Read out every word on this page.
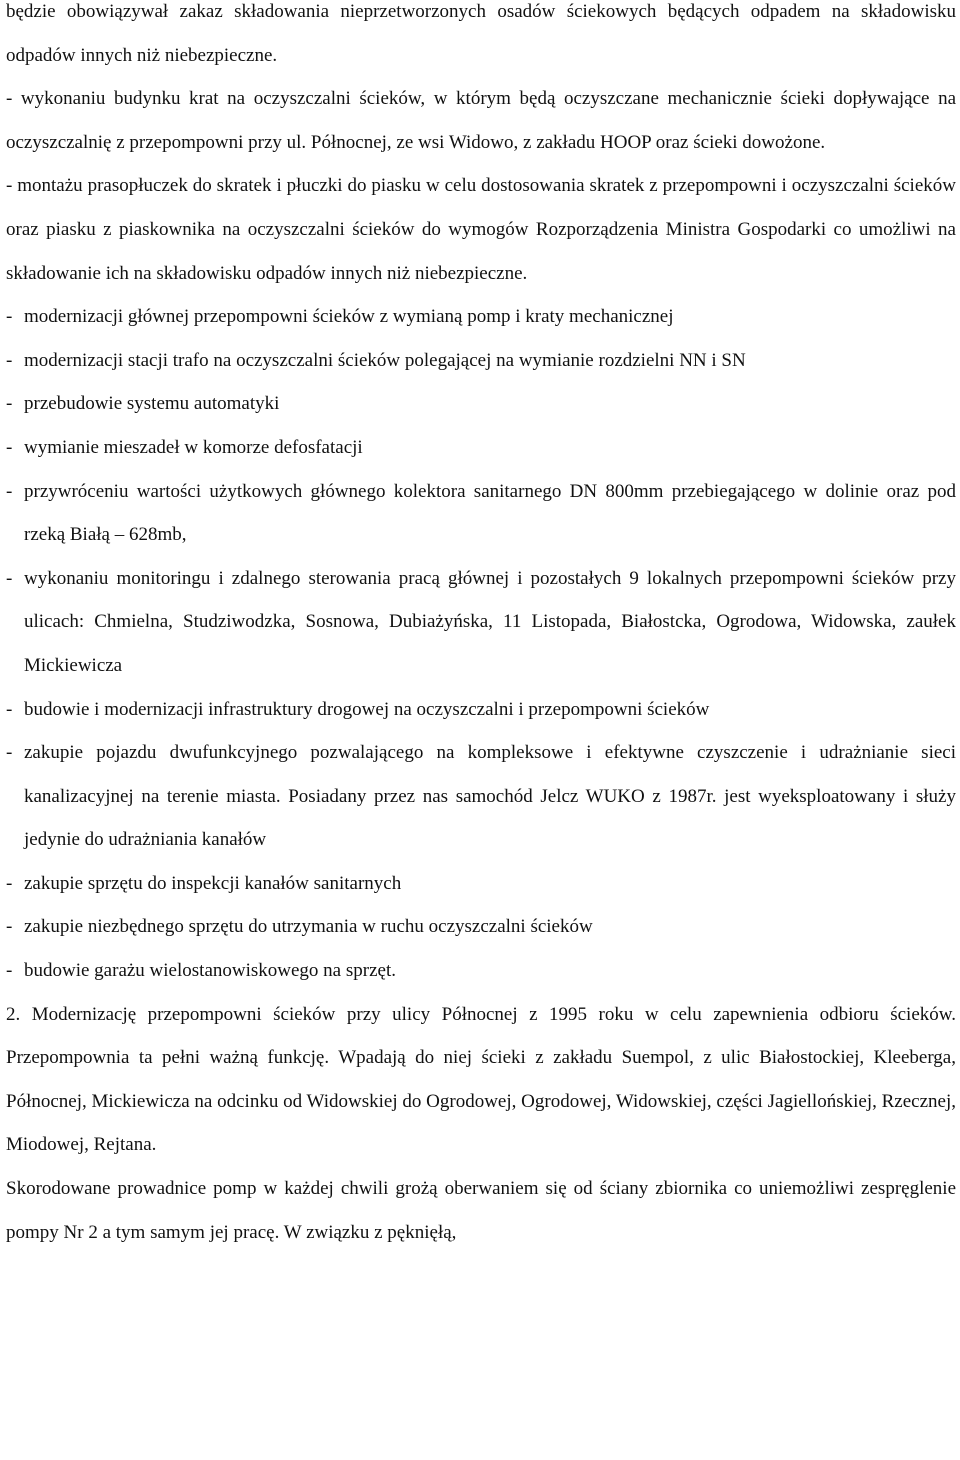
będzie obowiązywał zakaz składowania nieprzetworzonych osadów ściekowych będących odpadem na składowisku odpadów innych niż niebezpieczne.

- wykonaniu budynku krat na oczyszczalni ścieków, w którym będą oczyszczane mechanicznie ścieki dopływające na oczyszczalnię z przepompowni przy ul. Północnej, ze wsi Widowo, z zakładu HOOP oraz ścieki dowożone.

- montażu prasopłuczek do skratek i płuczki do piasku w celu dostosowania skratek z przepompowni i oczyszczalni ścieków oraz piasku z piaskownika na oczyszczalni ścieków do wymogów Rozporządzenia Ministra Gospodarki co umożliwi na składowanie ich na składowisku odpadów innych niż niebezpieczne.

- modernizacji głównej przepompowni ścieków z wymianą pomp i kraty mechanicznej

- modernizacji stacji trafo na oczyszczalni ścieków polegającej na wymianie rozdzielni NN i SN

- przebudowie systemu automatyki

- wymianie mieszadeł w komorze defosfatacji

- przywróceniu wartości użytkowych głównego kolektora sanitarnego DN 800mm przebiegającego w dolinie oraz pod rzeką Białą – 628mb,

- wykonaniu monitoringu i zdalnego sterowania pracą głównej i pozostałych 9 lokalnych przepompowni ścieków przy ulicach: Chmielna, Studziwodzka, Sosnowa, Dubiażyńska, 11 Listopada, Białostcka, Ogrodowa, Widowska, zaułek Mickiewicza

- budowie i modernizacji infrastruktury drogowej na oczyszczalni i przepompowni ścieków

- zakupie pojazdu dwufunkcyjnego pozwalającego na kompleksowe i efektywne czyszczenie i udrażnianie sieci kanalizacyjnej na terenie miasta. Posiadany przez nas samochód Jelcz WUKO z 1987r. jest wyeksploatowany i służy jedynie do udrażniania kanałów

- zakupie sprzętu do inspekcji kanałów sanitarnych

- zakupie niezbędnego sprzętu do utrzymania w ruchu oczyszczalni ścieków

- budowie garażu wielostanowiskowego na sprzęt.

2. Modernizację przepompowni ścieków przy ulicy Północnej z 1995 roku w celu zapewnienia odbioru ścieków. Przepompownia ta pełni ważną funkcję. Wpadają do niej ścieki z zakładu Suempol, z ulic Białostockiej, Kleeberga, Północnej, Mickiewicza na odcinku od Widowskiej do Ogrodowej, Ogrodowej, Widowskiej, części Jagiellońskiej, Rzecznej, Miodowej, Rejtana.

Skorodowane prowadnice pomp w każdej chwili grożą oberwaniem się od ściany zbiornika co uniemożliwi zespręglenie pompy Nr 2 a tym samym jej pracę. W związku z pęknięłą,
